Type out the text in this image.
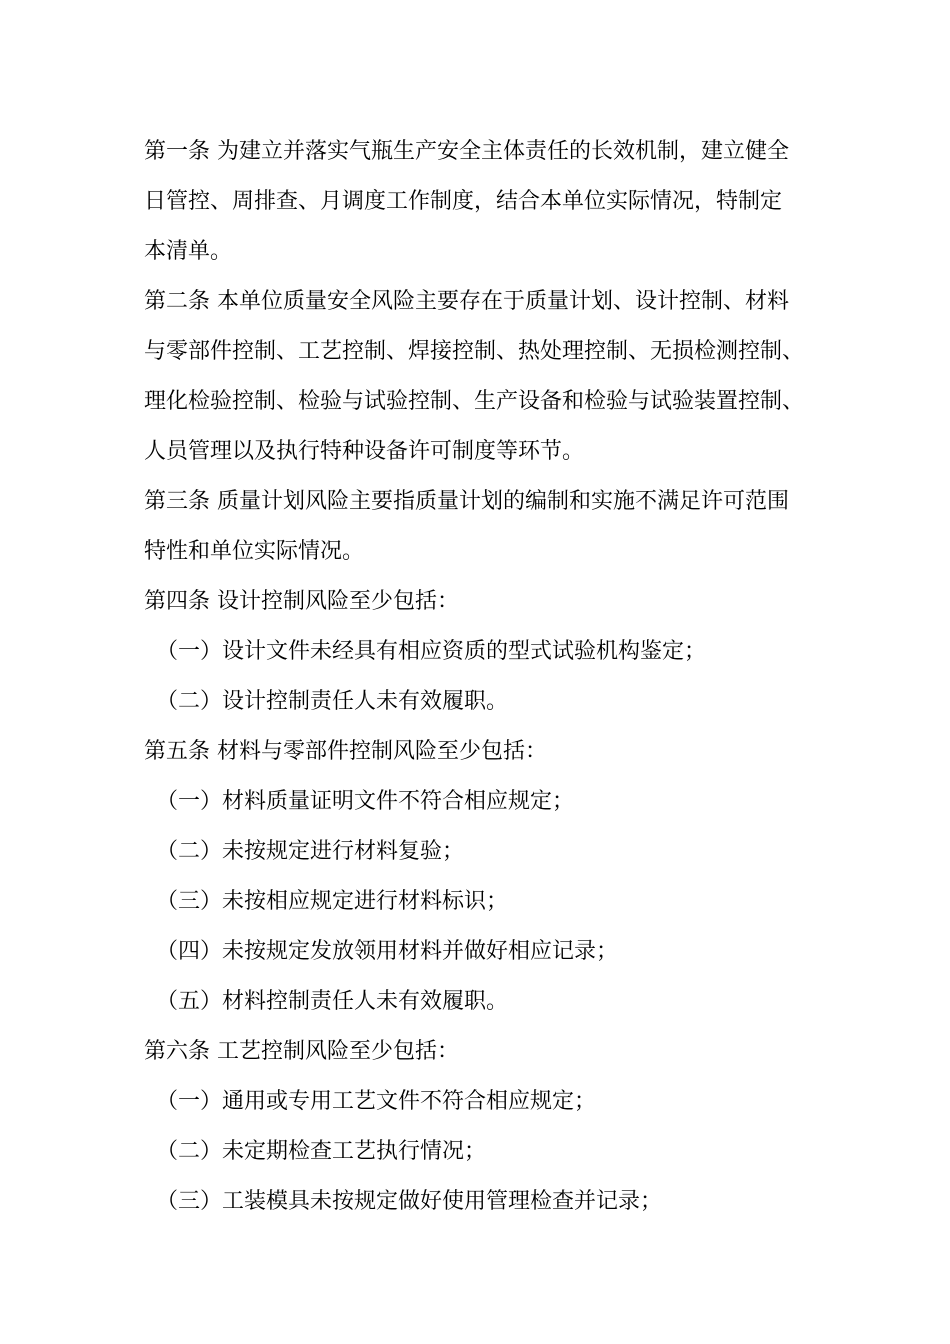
第一条 为建立并落实气瓶生产安全主体责任的长效机制，建立健全
日管控、周排查、月调度工作制度，结合本单位实际情况，特制定
本清单。
第二条 本单位质量安全风险主要存在于质量计划、设计控制、材料
与零部件控制、工艺控制、焊接控制、热处理控制、无损检测控制、
理化检验控制、检验与试验控制、生产设备和检验与试验装置控制、
人员管理以及执行特种设备许可制度等环节。
第三条 质量计划风险主要指质量计划的编制和实施不满足许可范围
特性和单位实际情况。
第四条 设计控制风险至少包括：
（一）设计文件未经具有相应资质的型式试验机构鉴定；
（二）设计控制责任人未有效履职。
第五条 材料与零部件控制风险至少包括：
（一）材料质量证明文件不符合相应规定；
（二）未按规定进行材料复验；
（三）未按相应规定进行材料标识；
（四）未按规定发放领用材料并做好相应记录；
（五）材料控制责任人未有效履职。
第六条 工艺控制风险至少包括：
（一）通用或专用工艺文件不符合相应规定；
（二）未定期检查工艺执行情况；
（三）工装模具未按规定做好使用管理检查并记录；
